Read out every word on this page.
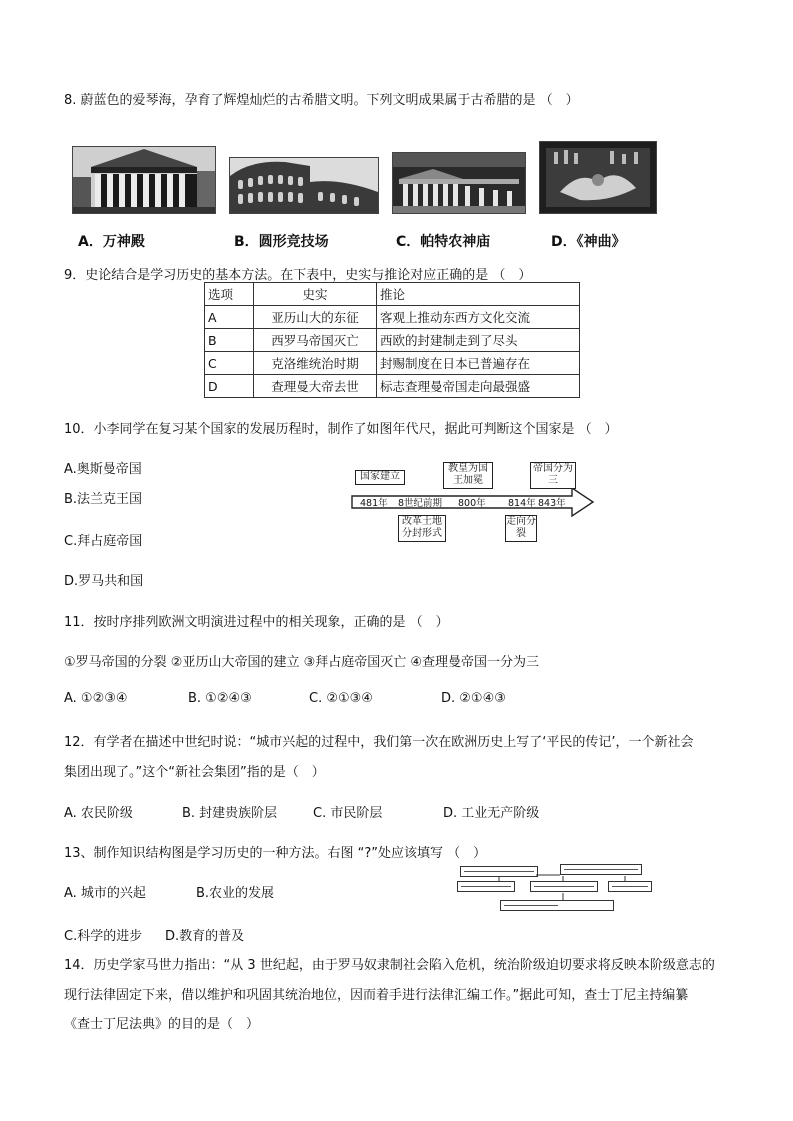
8. 蔚蓝色的爱琴海，孕育了辉煌灿烂的古希腊文明。下列文明成果属于古希腊的是 （　）
A．万神殿	B．圆形竞技场	C．帕特农神庙	D．《神曲》
9．史论结合是学习历史的基本方法。在下表中，史实与推论对应正确的是 （　）
选项	史实	推论
A	亚历山大的东征	客观上推动东西方文化交流
B	西罗马帝国灭亡	西欧的封建制走到了尽头
C	克洛维统治时期	封赐制度在日本已普遍存在
D	查理曼大帝去世	标志查理曼帝国走向最强盛
10．小李同学在复习某个国家的发展历程时，制作了如图年代尺，据此可判断这个国家是 （　）
A.奥斯曼帝国
B.法兰克王国
C.拜占庭帝国
D.罗马共和国
国家建立
教皇为国王加冕
帝国分为三
481年 8世纪前期 800年 814年 843年
改革土地分封形式
走向分裂
11．按时序排列欧洲文明演进过程中的相关现象，正确的是 （　）
①罗马帝国的分裂 ②亚历山大帝国的建立 ③拜占庭帝国灭亡 ④查理曼帝国一分为三
A. ①②③④	B. ①②④③	C. ②①③④	D. ②①④③
12．有学者在描述中世纪时说：“城市兴起的过程中，我们第一次在欧洲历史上写了‘平民的传记’，一个新社会
集团出现了。”这个“新社会集团”指的是（　）
A. 农民阶级	B. 封建贵族阶层	C. 市民阶层	D. 工业无产阶级
13、制作知识结构图是学习历史的一种方法。右图 “?”处应该填写 （　）
A. 城市的兴起	B.农业的发展
C.科学的进步 D.教育的普及
14．历史学家马世力指出：“从 3 世纪起，由于罗马奴隶制社会陷入危机，统治阶级迫切要求将反映本阶级意志的
现行法律固定下来，借以维护和巩固其统治地位，因而着手进行法律汇编工作。”据此可知，查士丁尼主持编纂
《查士丁尼法典》的目的是（　）
